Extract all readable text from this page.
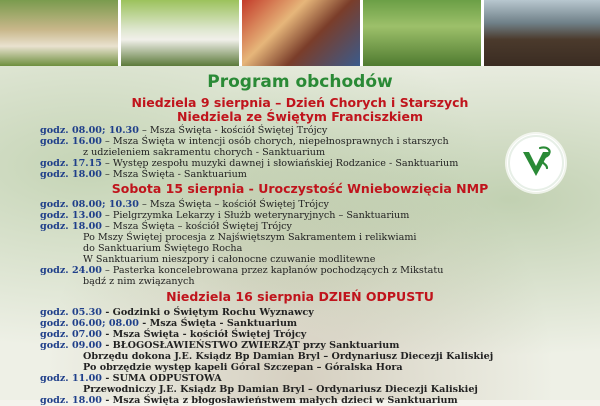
Program obchodów
Niedziela 9 sierpnia – Dzień Chorych i Starszych
Niedziela ze Świętym Franciszkiem
godz. 08.00; 10.30 – Msza Święta - kościół Świętej Trójcy
godz. 16.00 – Msza Święta w intencji osób chorych, niepełnosprawnych i starszych
z udzieleniem sakramentu chorych - Sanktuarium
godz. 17.15 – Występ zespołu muzyki dawnej i słowiańskiej Rodzanice - Sanktuarium
godz. 18.00 – Msza Święta - Sanktuarium
Sobota 15 sierpnia - Uroczystość Wniebowzięcia NMP
godz. 08.00; 10.30 – Msza Święta – kościół Świętej Trójcy
godz. 13.00 – Pielgrzymka Lekarzy i Służb weterynaryjnych – Sanktuarium
godz. 18.00 – Msza Święta – kościół Świętej Trójcy
Po Mszy Świętej procesja z Najświętszym Sakramentem i relikwiami
do Sanktuarium Świętego Rocha
W Sanktuarium nieszpory i całonocne czuwanie modlitewne
godz. 24.00 – Pasterka koncelebrowana przez kapłanów pochodzących z Mikstatu
bądź z nim związanych
Niedziela 16 sierpnia DZIEŃ ODPUSTU
godz. 05.30 - Godzinki o Świętym Rochu Wyznawcy
godz. 06.00; 08.00 - Msza Święta - Sanktuarium
godz. 07.00 - Msza Święta - kościół Świętej Trójcy
godz. 09.00 - BŁOGOSŁAWIEŃSTWO ZWIERZĄT przy Sanktuarium
Obrzędu dokona J.E. Ksiądz Bp Damian Bryl – Ordynariusz Diecezji Kaliskiej
Po obrzędzie występ kapeli Góral Szczepan – Góralska Hora
godz. 11.00 - SUMA ODPUSTOWA
Przewodniczy J.E. Ksiądz Bp Damian Bryl – Ordynariusz Diecezji Kaliskiej
godz. 18.00 - Msza Święta z błogosławieństwem małych dzieci w Sanktuarium
